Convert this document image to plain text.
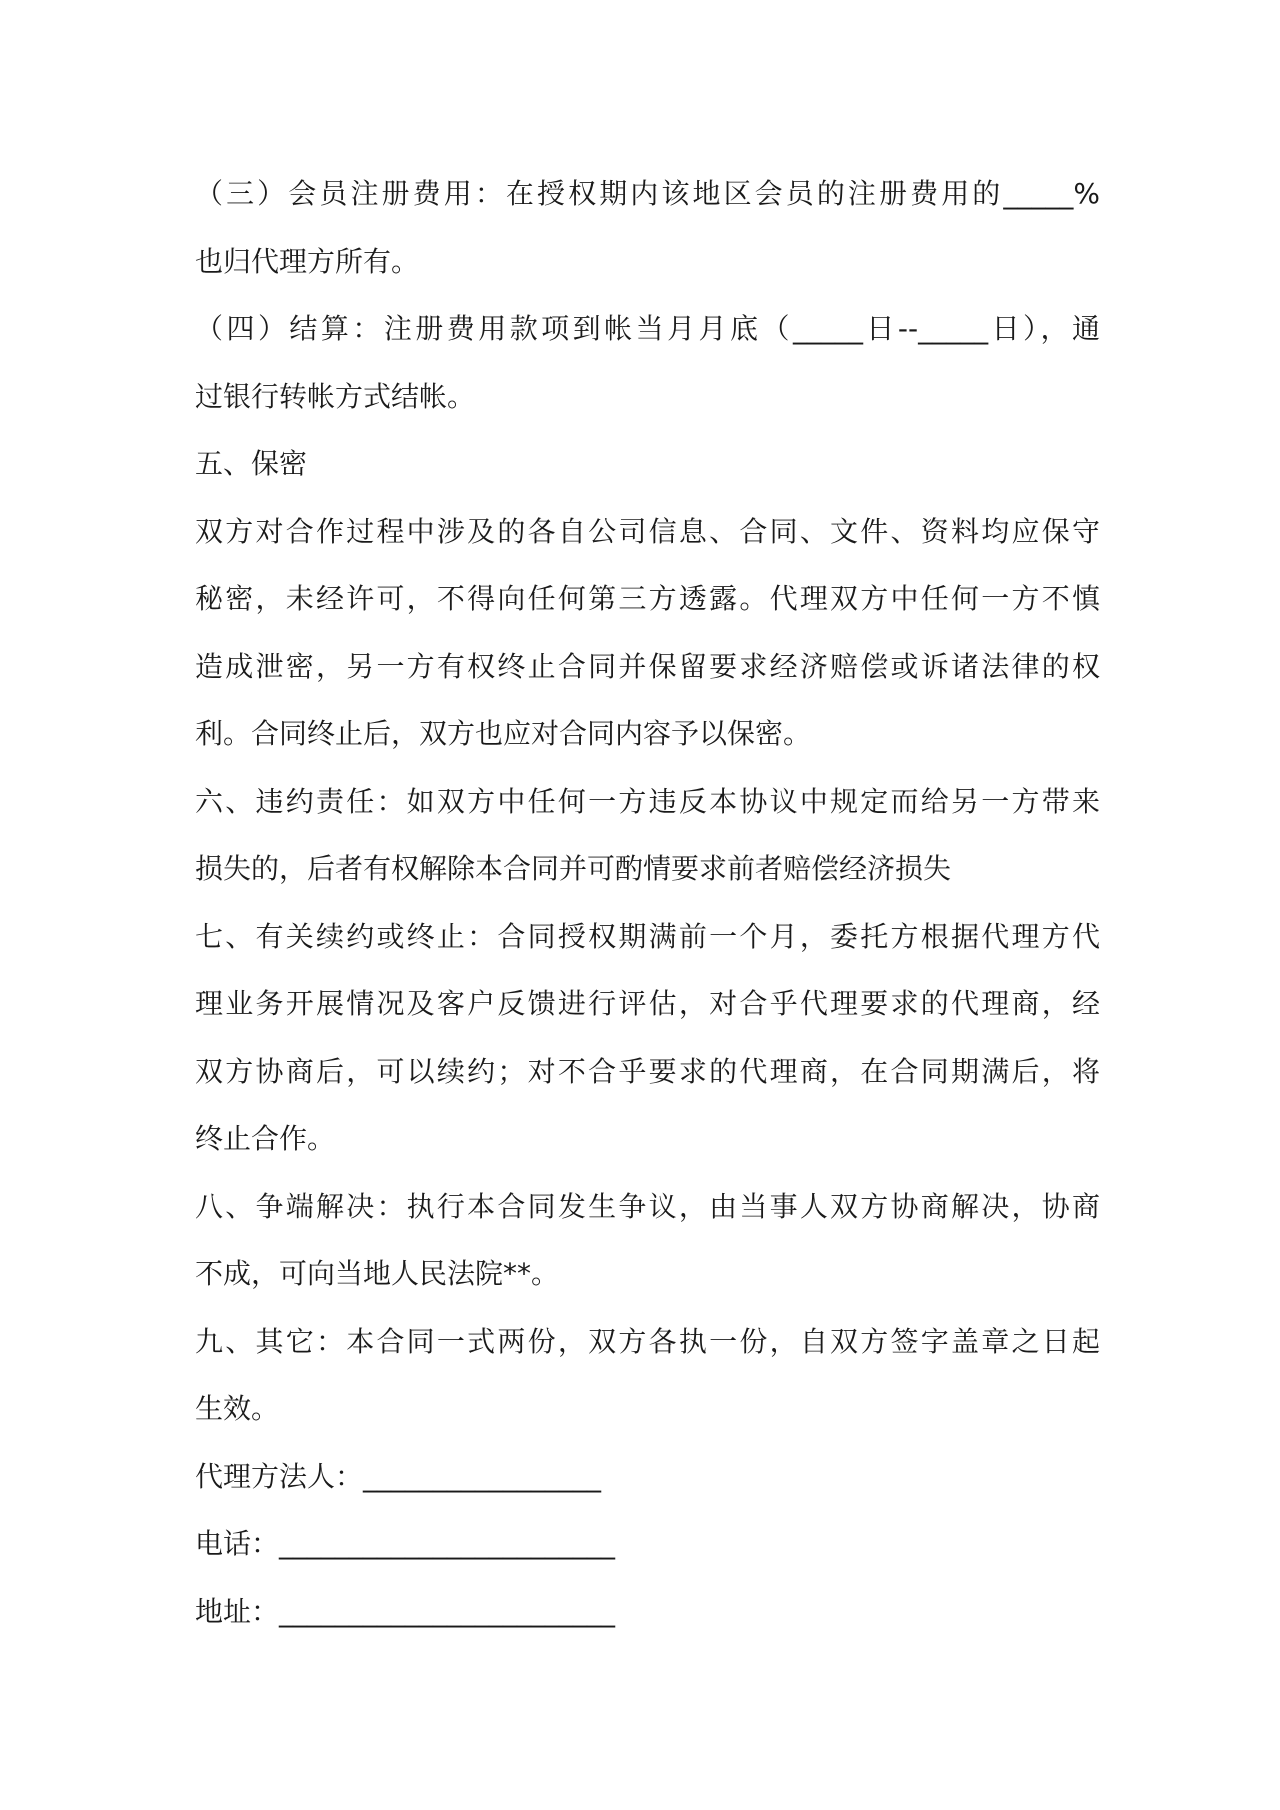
（三）会员注册费用：在授权期内该地区会员的注册费用的_____%
也归代理方所有。
（四）结算：注册费用款项到帐当月月底（_____日--_____日），通
过银行转帐方式结帐。
五、保密
双方对合作过程中涉及的各自公司信息、合同、文件、资料均应保守
秘密，未经许可，不得向任何第三方透露。代理双方中任何一方不慎
造成泄密，另一方有权终止合同并保留要求经济赔偿或诉诸法律的权
利。合同终止后，双方也应对合同内容予以保密。
六、违约责任：如双方中任何一方违反本协议中规定而给另一方带来
损失的，后者有权解除本合同并可酌情要求前者赔偿经济损失
七、有关续约或终止：合同授权期满前一个月，委托方根据代理方代
理业务开展情况及客户反馈进行评估，对合乎代理要求的代理商，经
双方协商后，可以续约；对不合乎要求的代理商，在合同期满后，将
终止合作。
八、争端解决：执行本合同发生争议，由当事人双方协商解决，协商
不成，可向当地人民法院**。
九、其它：本合同一式两份，双方各执一份，自双方签字盖章之日起
生效。
代理方法人：_________________
电话：________________________
地址：________________________
